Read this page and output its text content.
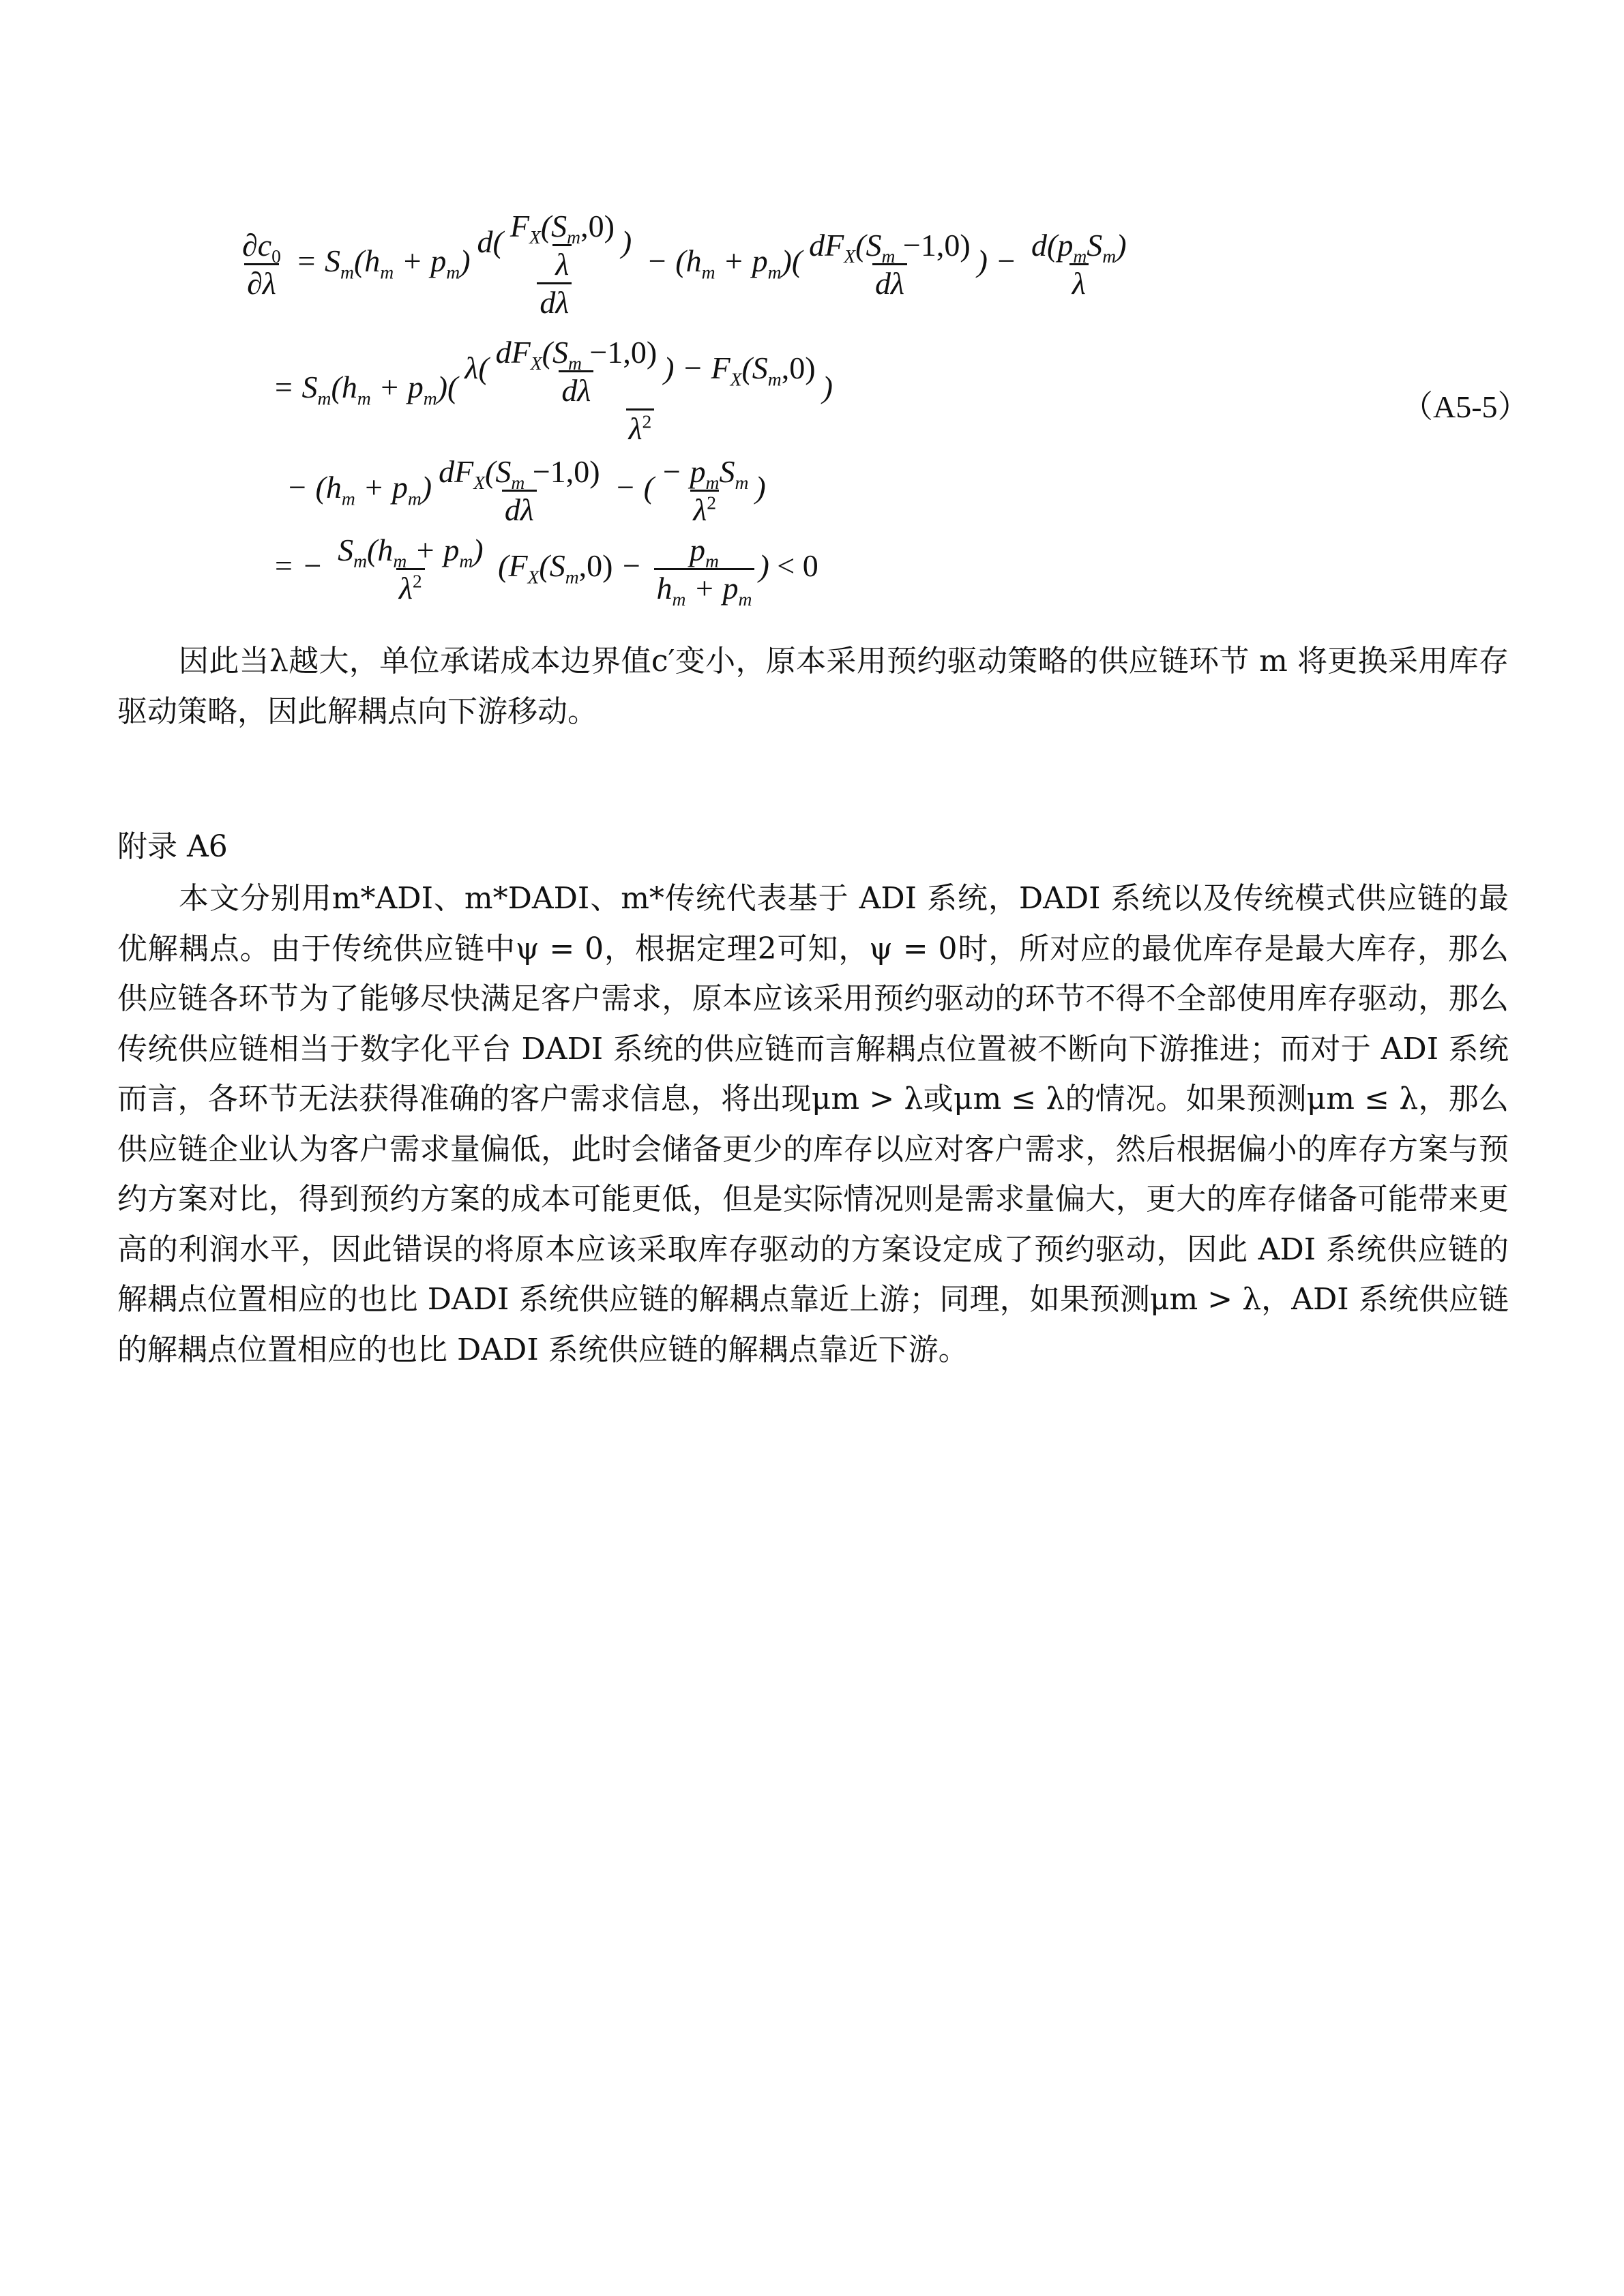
$\frac{\partial c_0}{\partial\lambda} = S_m(h_m + p_m) \frac{d( \frac{F_X(S_m,0)}{\lambda} )}{d\lambda} - (h_m + p_m)( \frac{dF_X(S_m -1,0)}{d\lambda}$ ) − $\frac{d(p_mS_m)}{\lambda}$
= $S_m(h_m + p_m)( \frac{\lambda( \frac{dF_X(S_m -1,0)}{d\lambda} ) - F_X(S_m,0)}{\lambda^2}$ )
− $(h_m + p_m) \frac{dF_X(S_m -1,0)}{d\lambda}$ − ( $\frac{- p_mS_m}{\lambda^2}$ )
= − $\frac{S_m(h_m + p_m)}{\lambda^2} (F_X(S_m,0) - \frac{p_m}{h_m + p_m}$ ) < 0
（A5-5）
因此当λ越大，单位承诺成本边界值c′变小，原本采用预约驱动策略的供应链环节 m 将更换采用库存驱动策略，因此解耦点向下游移动。
附录 A6
本文分别用m*ADI、m*DADI、m*传统代表基于 ADI 系统，DADI 系统以及传统模式供应链的最优解耦点。由于传统供应链中ψ = 0，根据定理2可知，ψ = 0时，所对应的最优库存是最大库存，那么供应链各环节为了能够尽快满足客户需求，原本应该采用预约驱动的环节不得不全部使用库存驱动，那么传统供应链相当于数字化平台 DADI 系统的供应链而言解耦点位置被不断向下游推进；而对于 ADI 系统而言，各环节无法获得准确的客户需求信息，将出现μm > λ或μm ≤ λ的情况。如果预测μm ≤ λ，那么供应链企业认为客户需求量偏低，此时会储备更少的库存以应对客户需求，然后根据偏小的库存方案与预约方案对比，得到预约方案的成本可能更低，但是实际情况则是需求量偏大，更大的库存储备可能带来更高的利润水平，因此错误的将原本应该采取库存驱动的方案设定成了预约驱动，因此 ADI 系统供应链的解耦点位置相应的也比 DADI 系统供应链的解耦点靠近上游；同理，如果预测μm > λ，ADI 系统供应链的解耦点位置相应的也比 DADI 系统供应链的解耦点靠近下游。
